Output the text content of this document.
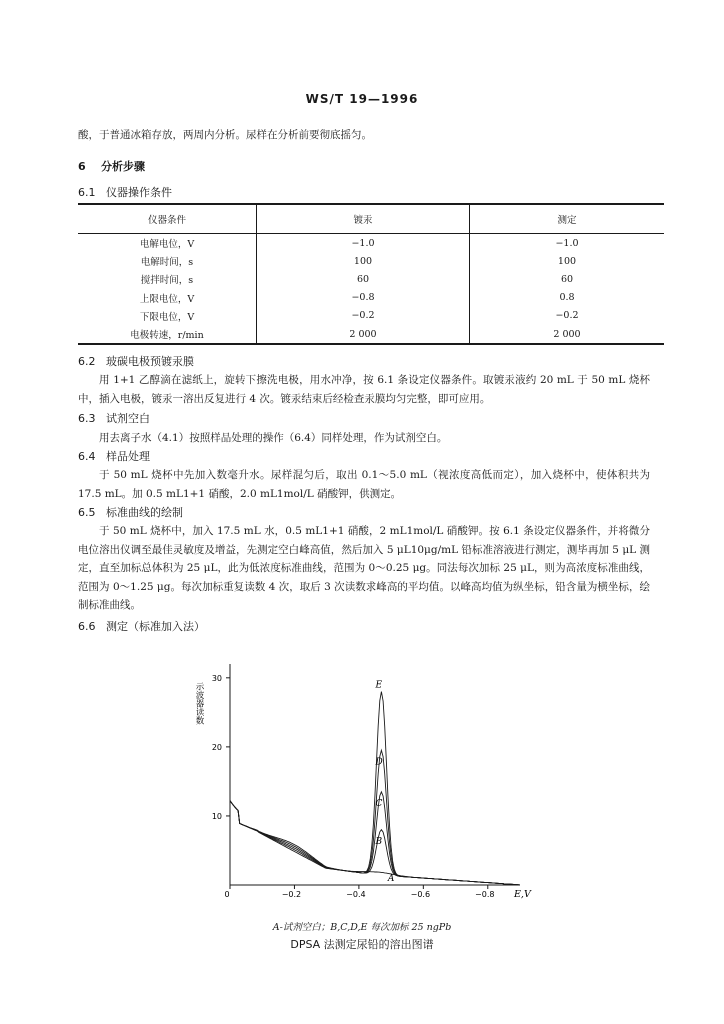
WS/T 19—1996
酸，于普通冰箱存放，两周内分析。尿样在分析前要彻底摇匀。
6 分析步骤
6.1 仪器操作条件
仪器条件	镀汞	测定
电解电位，V	−1.0	−1.0
电解时间，s	100	100
搅拌时间，s	60	60
上限电位，V	−0.8	0.8
下限电位，V	−0.2	−0.2
电极转速，r/min	2 000	2 000
6.2 玻碳电极预镀汞膜
用 1+1 乙醇滴在滤纸上，旋转下擦洗电极，用水冲净，按 6.1 条设定仪器条件。取镀汞液约 20 mL 于 50 mL 烧杯中，插入电极，镀汞一溶出反复进行 4 次。镀汞结束后经检查汞膜均匀完整，即可应用。
6.3 试剂空白
用去离子水（4.1）按照样品处理的操作（6.4）同样处理，作为试剂空白。
6.4 样品处理
于 50 mL 烧杯中先加入数毫升水。尿样混匀后，取出 0.1～5.0 mL（视浓度高低而定），加入烧杯中，使体积共为 17.5 mL。加 0.5 mL1+1 硝酸，2.0 mL1mol/L 硝酸钾，供测定。
6.5 标准曲线的绘制
于 50 mL 烧杯中，加入 17.5 mL 水，0.5 mL1+1 硝酸，2 mL1mol/L 硝酸钾。按 6.1 条设定仪器条件，并将微分电位溶出仪调至最佳灵敏度及增益，先测定空白峰高值，然后加入 5 μL10μg/mL 铅标准溶液进行测定，测毕再加 5 μL 测定，直至加标总体积为 25 μL，此为低浓度标准曲线，范围为 0～0.25 μg。同法每次加标 25 μL，则为高浓度标准曲线，范围为 0～1.25 μg。每次加标重复读数 4 次，取后 3 次读数求峰高的平均值。以峰高均值为纵坐标，铅含量为横坐标，绘制标准曲线。
6.6 测定（标准加入法）
10
20
30
0	−0.2	−0.4	−0.6	−0.8
A
B
C
D
E
示波器读数
E,V
A-试剂空白；B,C,D,E 每次加标 25 ngPb
DPSA 法测定尿铅的溶出图谱
